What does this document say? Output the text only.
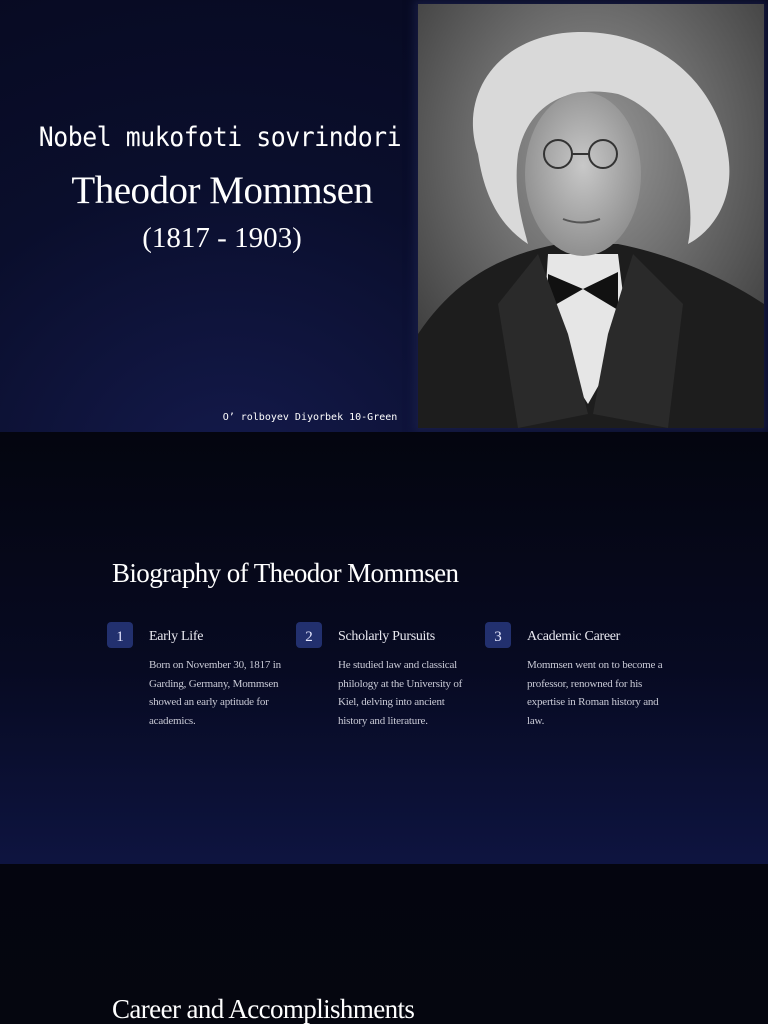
Nobel mukofoti sovrindori
Theodor Mommsen
(1817 - 1903)
O’ rolboyev Diyorbek 10-Green
Biography of Theodor Mommsen
1	Early Life
Born on November 30, 1817 in Garding, Germany, Mommsen showed an early aptitude for academics.
2	Scholarly Pursuits
He studied law and classical philology at the University of Kiel, delving into ancient history and literature.
3	Academic Career
Mommsen went on to become a professor, renowned for his expertise in Roman history and law.
Career and Accomplishments
